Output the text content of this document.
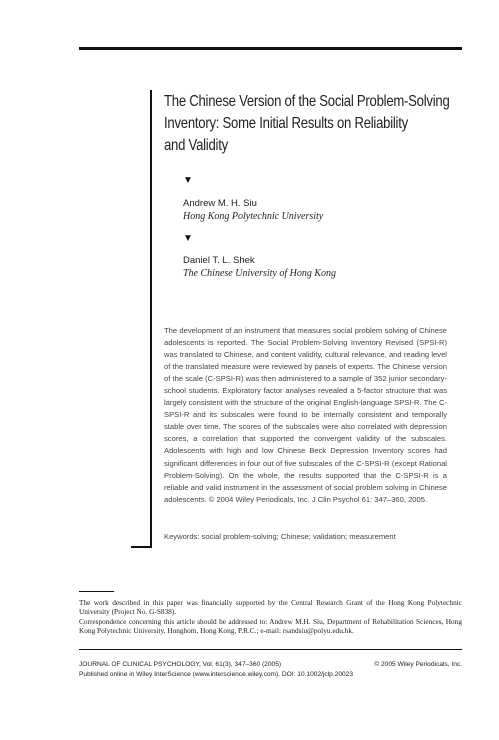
The Chinese Version of the Social Problem-Solving
Inventory: Some Initial Results on Reliability
and Validity
▼
Andrew M. H. Siu
Hong Kong Polytechnic University
▼
Daniel T. L. Shek
The Chinese University of Hong Kong
The development of an instrument that measures social problem solving of Chinese adolescents is reported. The Social Problem-Solving Inventory Revised (SPSI-R) was translated to Chinese, and content validity, cultural relevance, and reading level of the translated measure were reviewed by panels of experts. The Chinese version of the scale (C-SPSI-R) was then administered to a sample of 352 junior secondary-school students. Exploratory factor analyses revealed a 5-factor structure that was largely consistent with the structure of the original English-language SPSI-R. The C-SPSI-R and its subscales were found to be internally consistent and temporally stable over time. The scores of the subscales were also correlated with depression scores, a correlation that supported the convergent validity of the subscales. Adolescents with high and low Chinese Beck Depression Inventory scores had significant differences in four out of five subscales of the C-SPSI-R (except Rational Problem-Solving). On the whole, the results supported that the C-SPSI-R is a reliable and valid instrument in the assessment of social problem solving in Chinese adolescents. © 2004 Wiley Periodicals, Inc. J Clin Psychol 61: 347–360, 2005.
Keywords: social problem-solving; Chinese; validation; measurement
The work described in this paper was financially supported by the Central Research Grant of the Hong Kong Polytechnic University (Project No. G-S838).
Correspondence concerning this article should be addressed to: Andrew M.H. Siu, Department of Rehabilitation Sciences, Hong Kong Polytechnic University, Hunghom, Hong Kong, P.R.C.; e-mail: rsandsiu@polyu.edu.hk.
JOURNAL OF CLINICAL PSYCHOLOGY, Vol. 61(3), 347–360 (2005)	© 2005 Wiley Periodicals, Inc.
Published online in Wiley InterScience (www.interscience.wiley.com). DOI: 10.1002/jclp.20023
